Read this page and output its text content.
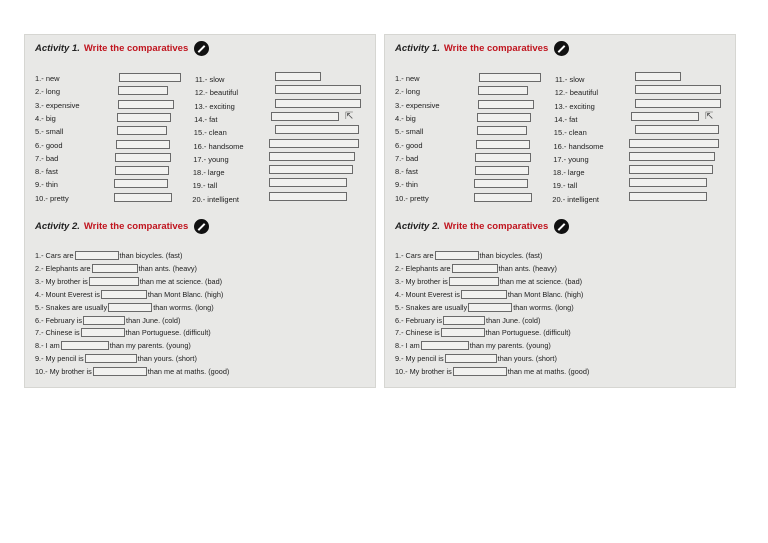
Activity 1. Write the comparatives
1.- new	11.- slow
2.- long	12.- beautiful
3.- expensive	13.- exciting
4.- big	14.- fat
5.- small	15.- clean
6.- good	16.- handsome
7.- bad	17.- young
8.- fast	18.- large
9.- thin	19.- tall
10.- pretty	20.- intelligent
⇱
Activity 2. Write the comparatives
1.- Cars are	than bicycles. (fast)
2.- Elephants are	than ants. (heavy)
3.- My brother is	than me at science. (bad)
4.- Mount Everest is	than Mont Blanc. (high)
5.- Snakes are usually	than worms. (long)
6.- February is	than June. (cold)
7.- Chinese is	than Portuguese. (difficult)
8.- I am	than my parents. (young)
9.- My pencil is	than yours. (short)
10.- My brother is	than me at maths. (good)
Activity 1. Write the comparatives
1.- new	11.- slow
2.- long	12.- beautiful
3.- expensive	13.- exciting
4.- big	14.- fat
5.- small	15.- clean
6.- good	16.- handsome
7.- bad	17.- young
8.- fast	18.- large
9.- thin	19.- tall
10.- pretty	20.- intelligent
⇱
Activity 2. Write the comparatives
1.- Cars are	than bicycles. (fast)
2.- Elephants are	than ants. (heavy)
3.- My brother is	than me at science. (bad)
4.- Mount Everest is	than Mont Blanc. (high)
5.- Snakes are usually	than worms. (long)
6.- February is	than June. (cold)
7.- Chinese is	than Portuguese. (difficult)
8.- I am	than my parents. (young)
9.- My pencil is	than yours. (short)
10.- My brother is	than me at maths. (good)
